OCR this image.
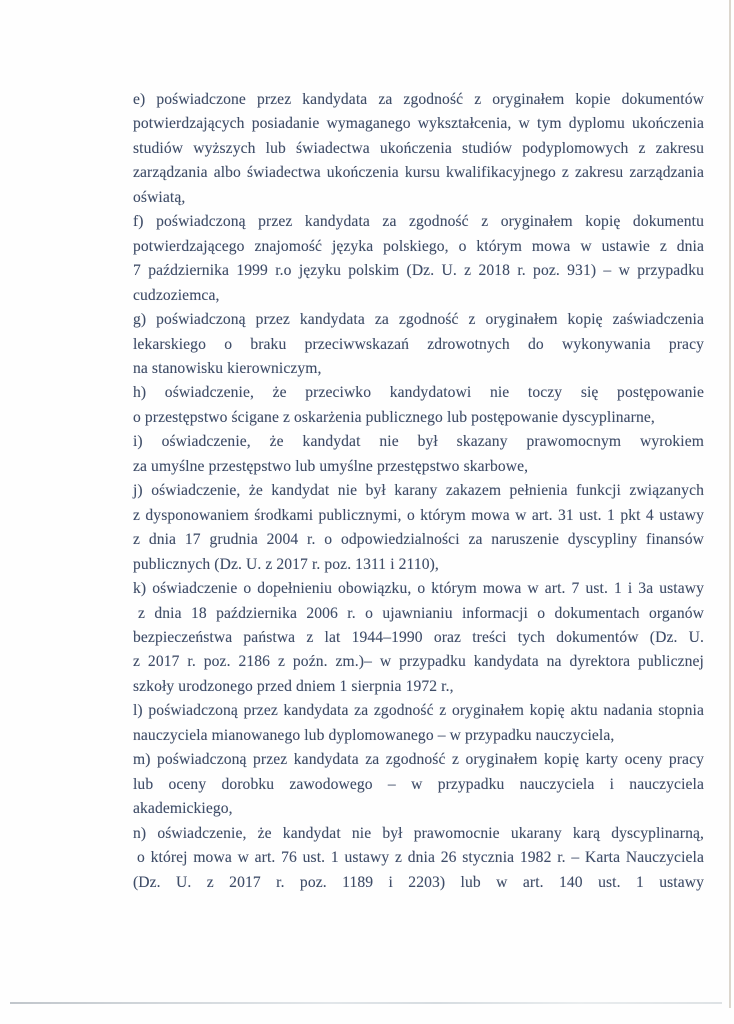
e) poświadczone przez kandydata za zgodność z oryginałem kopie dokumentów
potwierdzających posiadanie wymaganego wykształcenia, w tym dyplomu ukończenia
studiów wyższych lub świadectwa ukończenia studiów podyplomowych z zakresu
zarządzania albo świadectwa ukończenia kursu kwalifikacyjnego z zakresu zarządzania
oświatą,
f) poświadczoną przez kandydata za zgodność z oryginałem kopię dokumentu
potwierdzającego znajomość języka polskiego, o którym mowa w ustawie z dnia
7 października 1999 r.o języku polskim (Dz. U. z 2018 r. poz. 931) – w przypadku
cudzoziemca,
g) poświadczoną przez kandydata za zgodność z oryginałem kopię zaświadczenia
lekarskiego o braku przeciwwskazań zdrowotnych do wykonywania pracy
na stanowisku kierowniczym,
h) oświadczenie, że przeciwko kandydatowi nie toczy się postępowanie
o przestępstwo ścigane z oskarżenia publicznego lub postępowanie dyscyplinarne,
i) oświadczenie, że kandydat nie był skazany prawomocnym wyrokiem
za umyślne przestępstwo lub umyślne przestępstwo skarbowe,
j) oświadczenie, że kandydat nie był karany zakazem pełnienia funkcji związanych
z dysponowaniem środkami publicznymi, o którym mowa w art. 31 ust. 1 pkt 4 ustawy
z dnia 17 grudnia 2004 r. o odpowiedzialności za naruszenie dyscypliny finansów
publicznych (Dz. U. z 2017 r. poz. 1311 i 2110),
k) oświadczenie o dopełnieniu obowiązku, o którym mowa w art. 7 ust. 1 i 3a ustawy
z dnia 18 października 2006 r. o ujawnianiu informacji o dokumentach organów
bezpieczeństwa państwa z lat 1944–1990 oraz treści tych dokumentów (Dz. U.
z 2017 r. poz. 2186 z poźn. zm.)– w przypadku kandydata na dyrektora publicznej
szkoły urodzonego przed dniem 1 sierpnia 1972 r.,
l) poświadczoną przez kandydata za zgodność z oryginałem kopię aktu nadania stopnia
nauczyciela mianowanego lub dyplomowanego – w przypadku nauczyciela,
m) poświadczoną przez kandydata za zgodność z oryginałem kopię karty oceny pracy
lub oceny dorobku zawodowego – w przypadku nauczyciela i nauczyciela
akademickiego,
n) oświadczenie, że kandydat nie był prawomocnie ukarany karą dyscyplinarną,
o której mowa w art. 76 ust. 1 ustawy z dnia 26 stycznia 1982 r. – Karta Nauczyciela
(Dz. U. z 2017 r. poz. 1189 i 2203) lub w art. 140 ust. 1 ustawy
